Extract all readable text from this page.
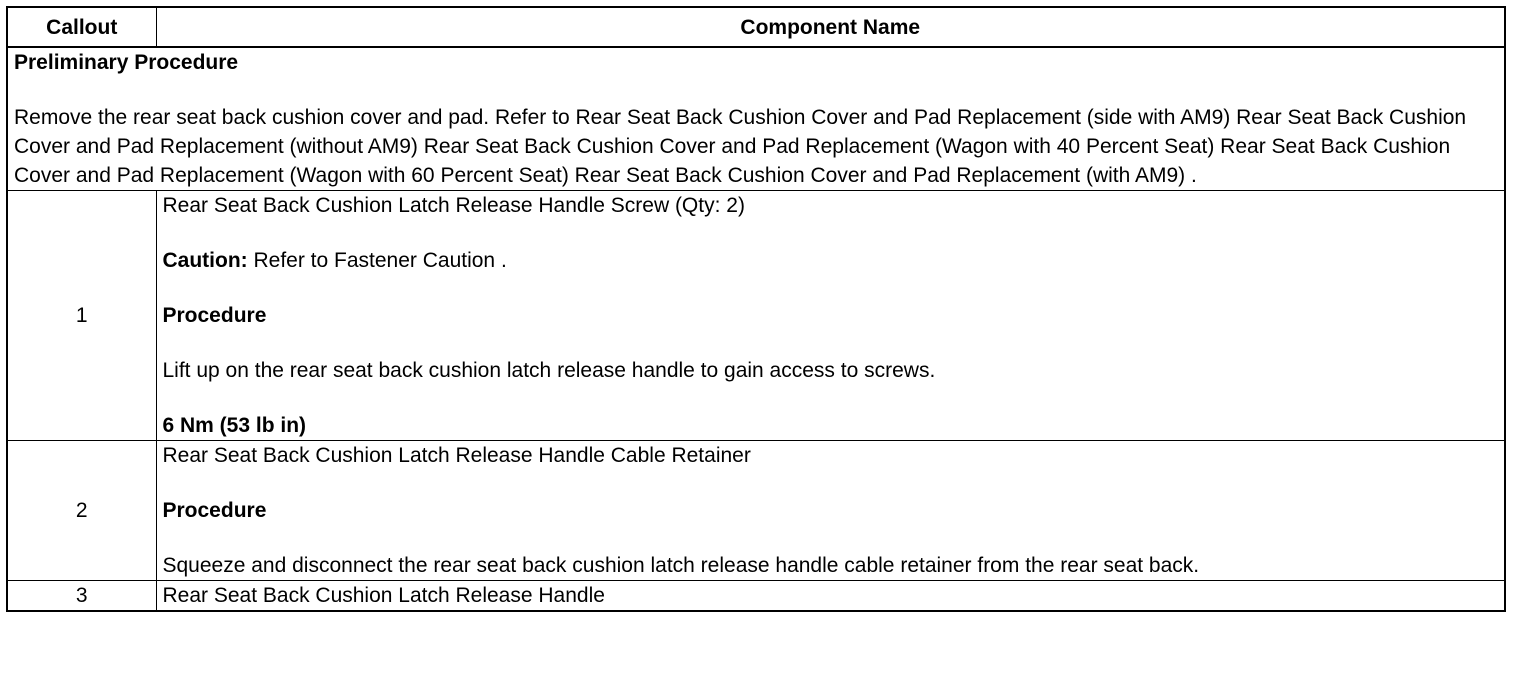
Callout	Component Name

Preliminary Procedure

Remove the rear seat back cushion cover and pad. Refer to Rear Seat Back Cushion Cover and Pad Replacement (side with AM9) Rear Seat Back Cushion Cover and Pad Replacement (without AM9) Rear Seat Back Cushion Cover and Pad Replacement (Wagon with 40 Percent Seat) Rear Seat Back Cushion Cover and Pad Replacement (Wagon with 60 Percent Seat) Rear Seat Back Cushion Cover and Pad Replacement (with AM9) .	

1	Rear Seat Back Cushion Latch Release Handle Screw (Qty: 2)

Caution: Refer to Fastener Caution .

Procedure

Lift up on the rear seat back cushion latch release handle to gain access to screws.

6 Nm (53 lb in)

2	Rear Seat Back Cushion Latch Release Handle Cable Retainer

Procedure

Squeeze and disconnect the rear seat back cushion latch release handle cable retainer from the rear seat back.

3	Rear Seat Back Cushion Latch Release Handle
